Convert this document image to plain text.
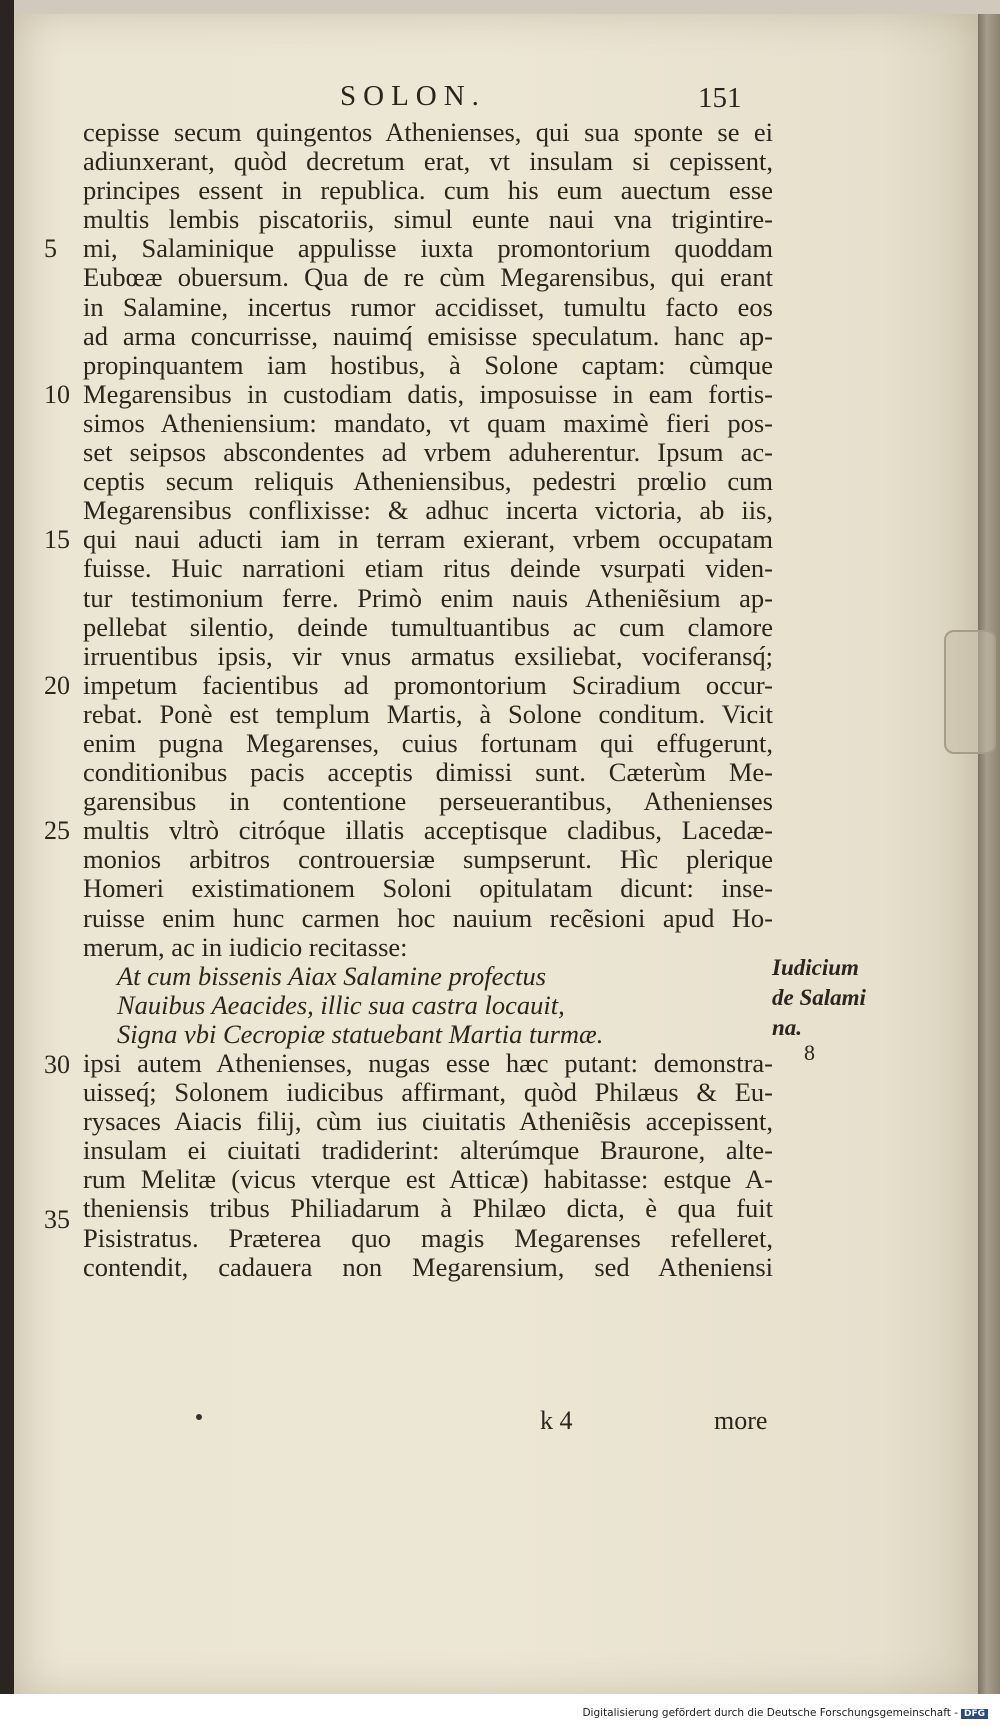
SOLON.	151
5
10
15
20
25
30
35
cepisse secum quingentos Athenienses, qui sua sponte se ei
adiunxerant, quòd decretum erat, vt insulam si cepissent,
principes essent in republica. cum his eum auectum esse
multis lembis piscatoriis, simul eunte naui vna trigintire-
mi, Salaminique appulisse iuxta promontorium quoddam
Eubœæ obuersum. Qua de re cùm Megarensibus, qui erant
in Salamine, incertus rumor accidisset, tumultu facto eos
ad arma concurrisse, nauimq́ emisisse speculatum. hanc ap-
propinquantem iam hostibus, à Solone captam: cùmque
Megarensibus in custodiam datis, imposuisse in eam fortis-
simos Atheniensium: mandato, vt quam maximè fieri pos-
set seipsos abscondentes ad vrbem aduherentur. Ipsum ac-
ceptis secum reliquis Atheniensibus, pedestri prœlio cum
Megarensibus conflixisse: & adhuc incerta victoria, ab iis,
qui naui aducti iam in terram exierant, vrbem occupatam
fuisse. Huic narrationi etiam ritus deinde vsurpati viden-
tur testimonium ferre. Primò enim nauis Atheniẽsium ap-
pellebat silentio, deinde tumultuantibus ac cum clamore
irruentibus ipsis, vir vnus armatus exsiliebat, vociferansq́;
impetum facientibus ad promontorium Sciradium occur-
rebat. Ponè est templum Martis, à Solone conditum. Vicit
enim pugna Megarenses, cuius fortunam qui effugerunt,
conditionibus pacis acceptis dimissi sunt. Cæterùm Me-
garensibus in contentione perseuerantibus, Athenienses
multis vltrò citróque illatis acceptisque cladibus, Lacedæ-
monios arbitros controuersiæ sumpserunt. Hìc plerique
Homeri existimationem Soloni opitulatam dicunt: inse-
ruisse enim hunc carmen hoc nauium recẽsioni apud Ho-
merum, ac in iudicio recitasse:
At cum bissenis Aiax Salamine profectus
Nauibus Aeacides, illic sua castra locauit,
Signa vbi Cecropiæ statuebant Martia turmæ.
ipsi autem Athenienses, nugas esse hæc putant: demonstra-
uisseq́; Solonem iudicibus affirmant, quòd Philæus & Eu-
rysaces Aiacis filij, cùm ius ciuitatis Atheniẽsis accepissent,
insulam ei ciuitati tradiderint: alterúmque Braurone, alte-
rum Melitæ (vicus vterque est Atticæ) habitasse: estque A-
theniensis tribus Philiadarum à Philæo dicta, è qua fuit
Pisistratus. Præterea quo magis Megarenses refelleret,
contendit, cadauera non Megarensium, sed Atheniensi
Iudicium
de Salami
na.
8
k 4	more
Digitalisierung gefördert durch die Deutsche Forschungsgemeinschaft - DFG
